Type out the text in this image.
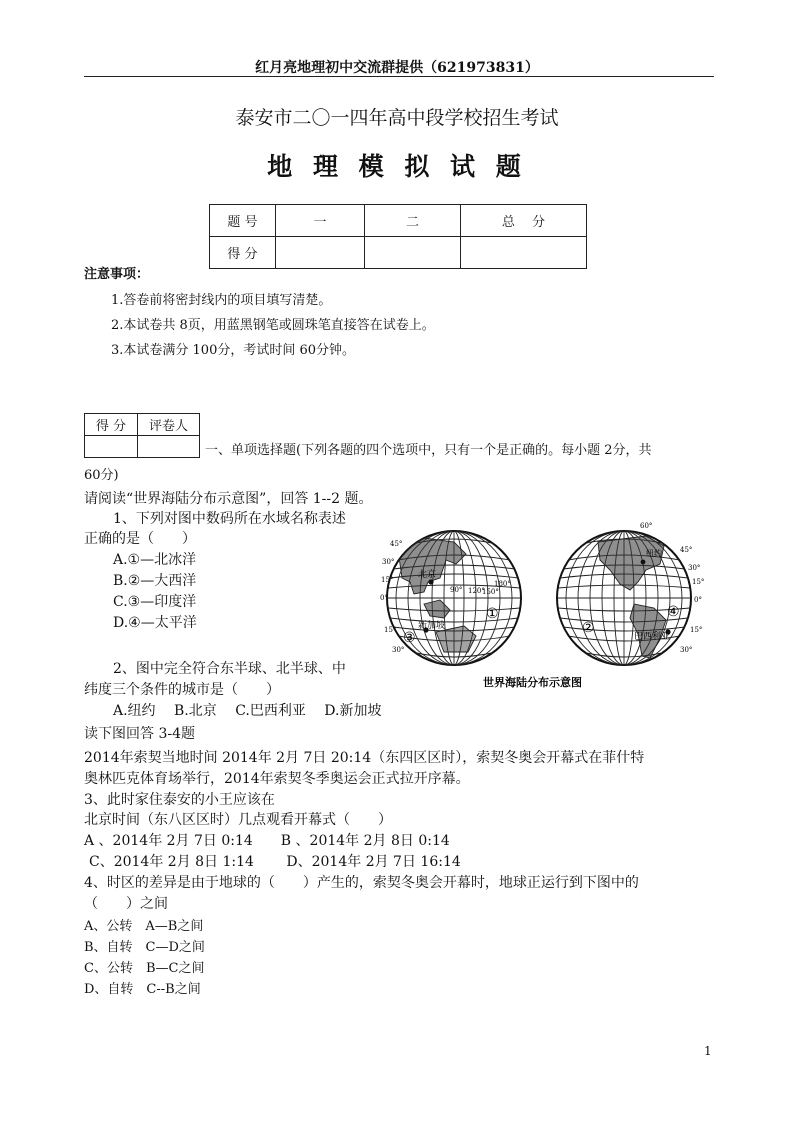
红月亮地理初中交流群提供（621973831）
泰安市二〇一四年高中段学校招生考试
地 理 模 拟 试 题
题 号	一	二	总　 分
得 分			
注意事项：
1.答卷前将密封线内的项目填写清楚。
2.本试卷共 8页，用蓝黑钢笔或圆珠笔直接答在试卷上。
3.本试卷满分 100分，考试时间 60分钟。
得 分	评卷人

一、单项选择题(下列各题的四个选项中，只有一个是正确的。每小题 2分，共
60分)
请阅读“世界海陆分布示意图”，回答 1--2 题。
1、下列对图中数码所在水域名称表述
正确的是（　　）
A.①—北冰洋
B.②—大西洋
C.③—印度洋
D.④—太平洋
2、图中完全符合东半球、北半球、中
纬度三个条件的城市是（　　）
A.纽约　 B.北京　 C.巴西利亚　 D.新加坡
北京
新加坡
①
③
90° 120°
150°
180°
45°
30°
15°
0°
15°
30°
纽约
巴西利亚
②
④
60°
45°
30°
15°
0°
15°
30°
世界海陆分布示意图
读下图回答 3-4题
2014年索契当地时间 2014年 2月 7日 20:14（东四区区时），索契冬奥会开幕式在菲什特
奥林匹克体育场举行，2014年索契冬季奥运会正式拉开序幕。
3、此时家住泰安的小王应该在
北京时间（东八区区时）几点观看开幕式（　　）
A 、2014年 2月 7日 0:14　　B 、2014年 2月 8日 0:14
C、2014年 2月 8日 1:14　　 D、2014年 2月 7日 16:14
4、时区的差异是由于地球的（　　）产生的，索契冬奥会开幕时，地球正运行到下图中的
（　　）之间
A、公转　A—B之间
B、自转　C—D之间
C、公转　B—C之间
D、自转　C--B之间
1
